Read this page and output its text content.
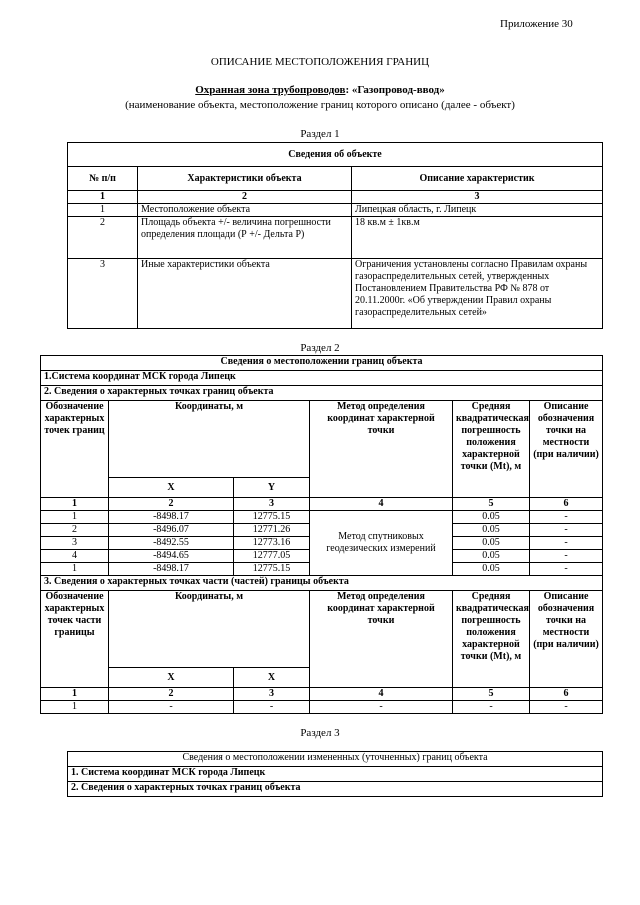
Приложение 30
ОПИСАНИЕ МЕСТОПОЛОЖЕНИЯ ГРАНИЦ
Охранная зона трубопроводов: «Газопровод-ввод»
(наименование объекта, местоположение границ которого описано (далее - объект)
Раздел 1
Сведения об объекте		
№ п/п	Характеристики объекта	Описание характеристик
1	2	3
1	Местоположение объекта	Липецкая область, г. Липецк
2	Площадь объекта +/- величина погрешности определения площади (Р +/- Дельта Р)	18 кв.м ± 1кв.м
3	Иные характеристики объекта	Ограничения установлены согласно Правилам охраны газораспределительных сетей, утвержденных Постановлением Правительства РФ № 878 от 20.11.2000г. «Об утверждении Правил охраны газораспределительных сетей»
Раздел 2
Сведения о местоположении границ объекта					
1.Система координат МСК города Липецк					
2. Сведения о характерных точках границ объекта					
Обозначение характерных точек границ	Координаты, м		Метод определения координат характерной точки	Средняя квадратическая погрешность положения характерной точки (Mt), м	Описание обозначения точки на местности (при наличии)
	X	Y			
1	2	3	4	5	6
1	-8498.17	12775.15	Метод спутниковых геодезических измерений	0.05	-
2	-8496.07	12771.26		0.05	-
3	-8492.55	12773.16		0.05	-
4	-8494.65	12777.05		0.05	-
1	-8498.17	12775.15		0.05	-
3. Сведения о характерных точках части (частей) границы объекта					
Обозначение характерных точек части границы	Координаты, м		Метод определения координат характерной точки	Средняя квадратическая погрешность положения характерной точки (Mt), м	Описание обозначения точки на местности (при наличии)
	X	X			
1	2	3	4	5	6
1	-	-	-	-	-
Раздел 3
Сведения о местоположении измененных (уточненных) границ объекта
1. Система координат МСК города Липецк
2. Сведения о характерных точках границ объекта
